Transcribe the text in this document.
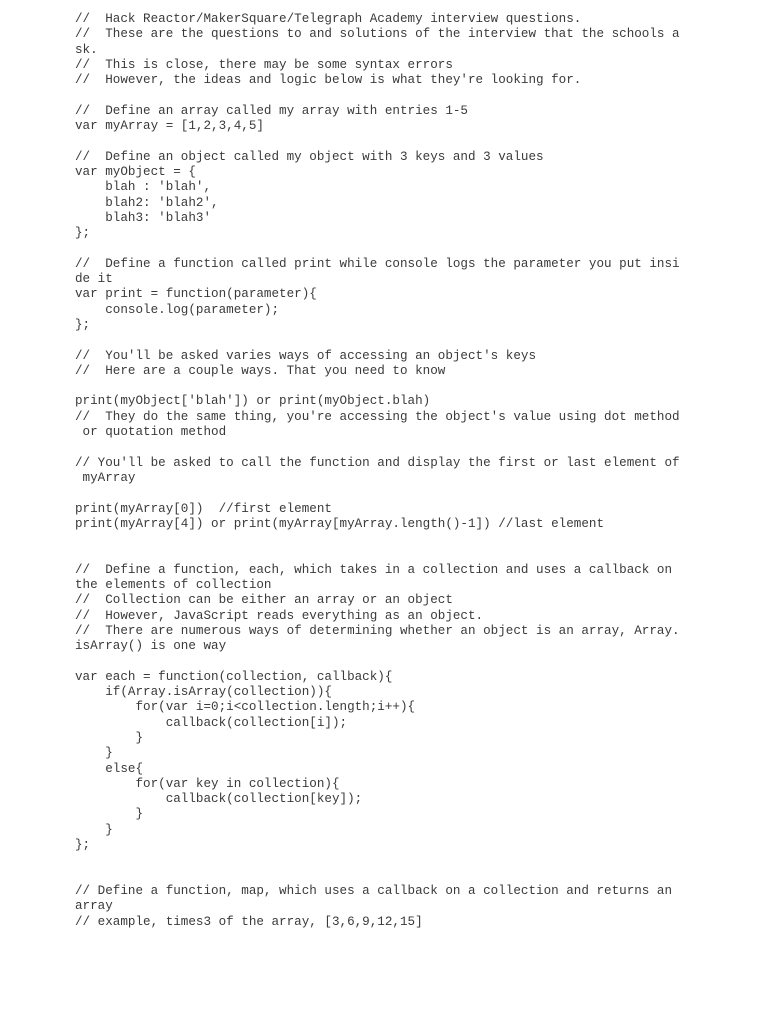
//  Hack Reactor/MakerSquare/Telegraph Academy interview questions.
//  These are the questions to and solutions of the interview that the schools a
sk.
//  This is close, there may be some syntax errors
//  However, the ideas and logic below is what they're looking for.
//  Define an array called my array with entries 1-5
var myArray = [1,2,3,4,5]
//  Define an object called my object with 3 keys and 3 values
var myObject = {
blah : 'blah',
blah2: 'blah2',
blah3: 'blah3'
};
//  Define a function called print while console logs the parameter you put insi
de it
var print = function(parameter){
console.log(parameter);
};
//  You'll be asked varies ways of accessing an object's keys
//  Here are a couple ways. That you need to know
print(myObject['blah']) or print(myObject.blah)
//  They do the same thing, you're accessing the object's value using dot method
or quotation method
// You'll be asked to call the function and display the first or last element of
myArray
print(myArray[0])  //first element
print(myArray[4]) or print(myArray[myArray.length()-1]) //last element
//  Define a function, each, which takes in a collection and uses a callback on
the elements of collection
//  Collection can be either an array or an object
//  However, JavaScript reads everything as an object.
//  There are numerous ways of determining whether an object is an array, Array.
isArray() is one way
var each = function(collection, callback){
if(Array.isArray(collection)){
for(var i=0;i<collection.length;i++){
callback(collection[i]);
}
}
else{
for(var key in collection){
callback(collection[key]);
}
}
};
// Define a function, map, which uses a callback on a collection and returns an
array
// example, times3 of the array, [3,6,9,12,15]
